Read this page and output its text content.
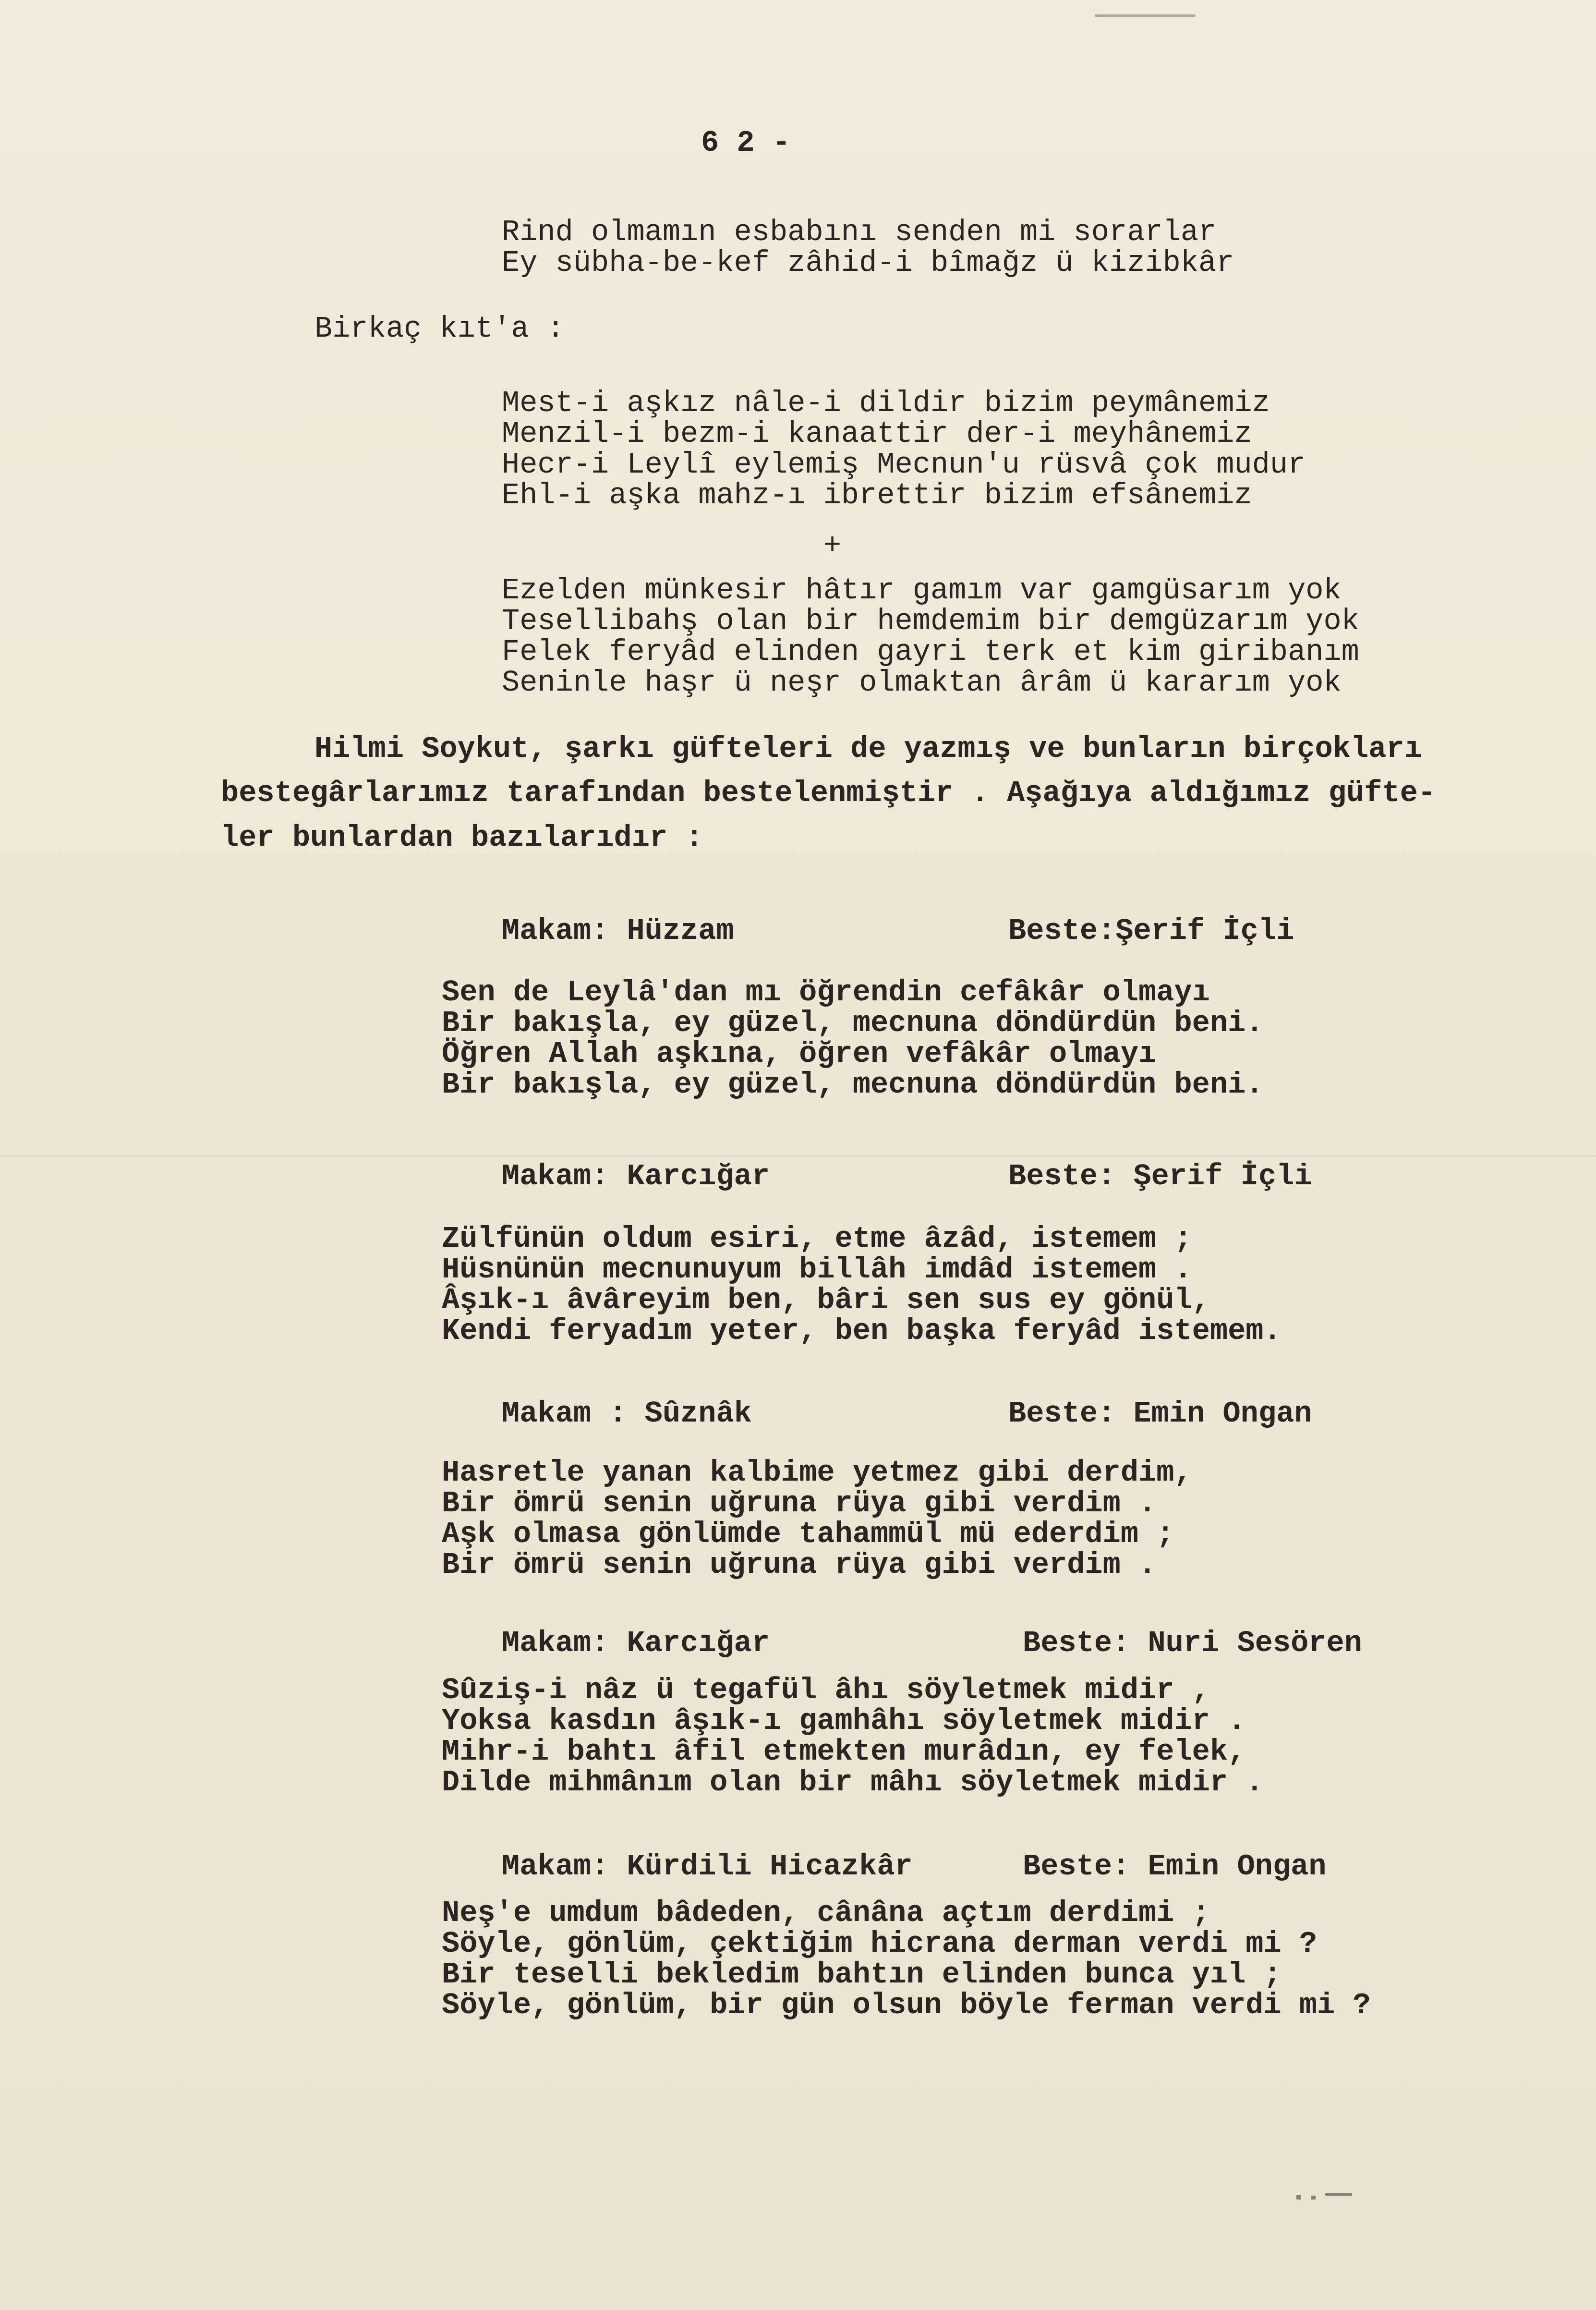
6 2 -
Rind olmamın esbabını senden mi sorarlar
Ey sübha-be-kef zâhid-i bîmağz ü kizibkâr
Birkaç kıt'a :
Mest-i aşkız nâle-i dildir bizim peymânemiz
Menzil-i bezm-i kanaattir der-i meyhânemiz
Hecr-i Leylî eylemiş Mecnun'u rüsvâ çok mudur
Ehl-i aşka mahz-ı ibrettir bizim efsânemiz
+
Ezelden münkesir hâtır gamım var gamgüsarım yok
Tesellibahş olan bir hemdemim bir demgüzarım yok
Felek feryâd elinden gayri terk et kim giribanım
Seninle haşr ü neşr olmaktan ârâm ü kararım yok
Hilmi Soykut, şarkı güfteleri de yazmış ve bunların birçokları
bestegârlarımız tarafından bestelenmiştir . Aşağıya aldığımız güfte-
ler bunlardan bazılarıdır :
Makam: Hüzzam	Beste:Şerif İçli
Sen de Leylâ'dan mı öğrendin cefâkâr olmayı
Bir bakışla, ey güzel, mecnuna döndürdün beni.
Öğren Allah aşkına, öğren vefâkâr olmayı
Bir bakışla, ey güzel, mecnuna döndürdün beni.
Makam: Karcığar	Beste: Şerif İçli
Zülfünün oldum esiri, etme âzâd, istemem ;
Hüsnünün mecnunuyum billâh imdâd istemem .
Âşık-ı âvâreyim ben, bâri sen sus ey gönül,
Kendi feryadım yeter, ben başka feryâd istemem.
Makam : Sûznâk	Beste: Emin Ongan
Hasretle yanan kalbime yetmez gibi derdim,
Bir ömrü senin uğruna rüya gibi verdim .
Aşk olmasa gönlümde tahammül mü ederdim ;
Bir ömrü senin uğruna rüya gibi verdim .
Makam: Karcığar	Beste: Nuri Sesören
Sûziş-i nâz ü tegafül âhı söyletmek midir ,
Yoksa kasdın âşık-ı gamhâhı söyletmek midir .
Mihr-i bahtı âfil etmekten murâdın, ey felek,
Dilde mihmânım olan bir mâhı söyletmek midir .
Makam: Kürdili Hicazkâr	Beste: Emin Ongan
Neş'e umdum bâdeden, cânâna açtım derdimi ;
Söyle, gönlüm, çektiğim hicrana derman verdi mi ?
Bir teselli bekledim bahtın elinden bunca yıl ;
Söyle, gönlüm, bir gün olsun böyle ferman verdi mi ?
